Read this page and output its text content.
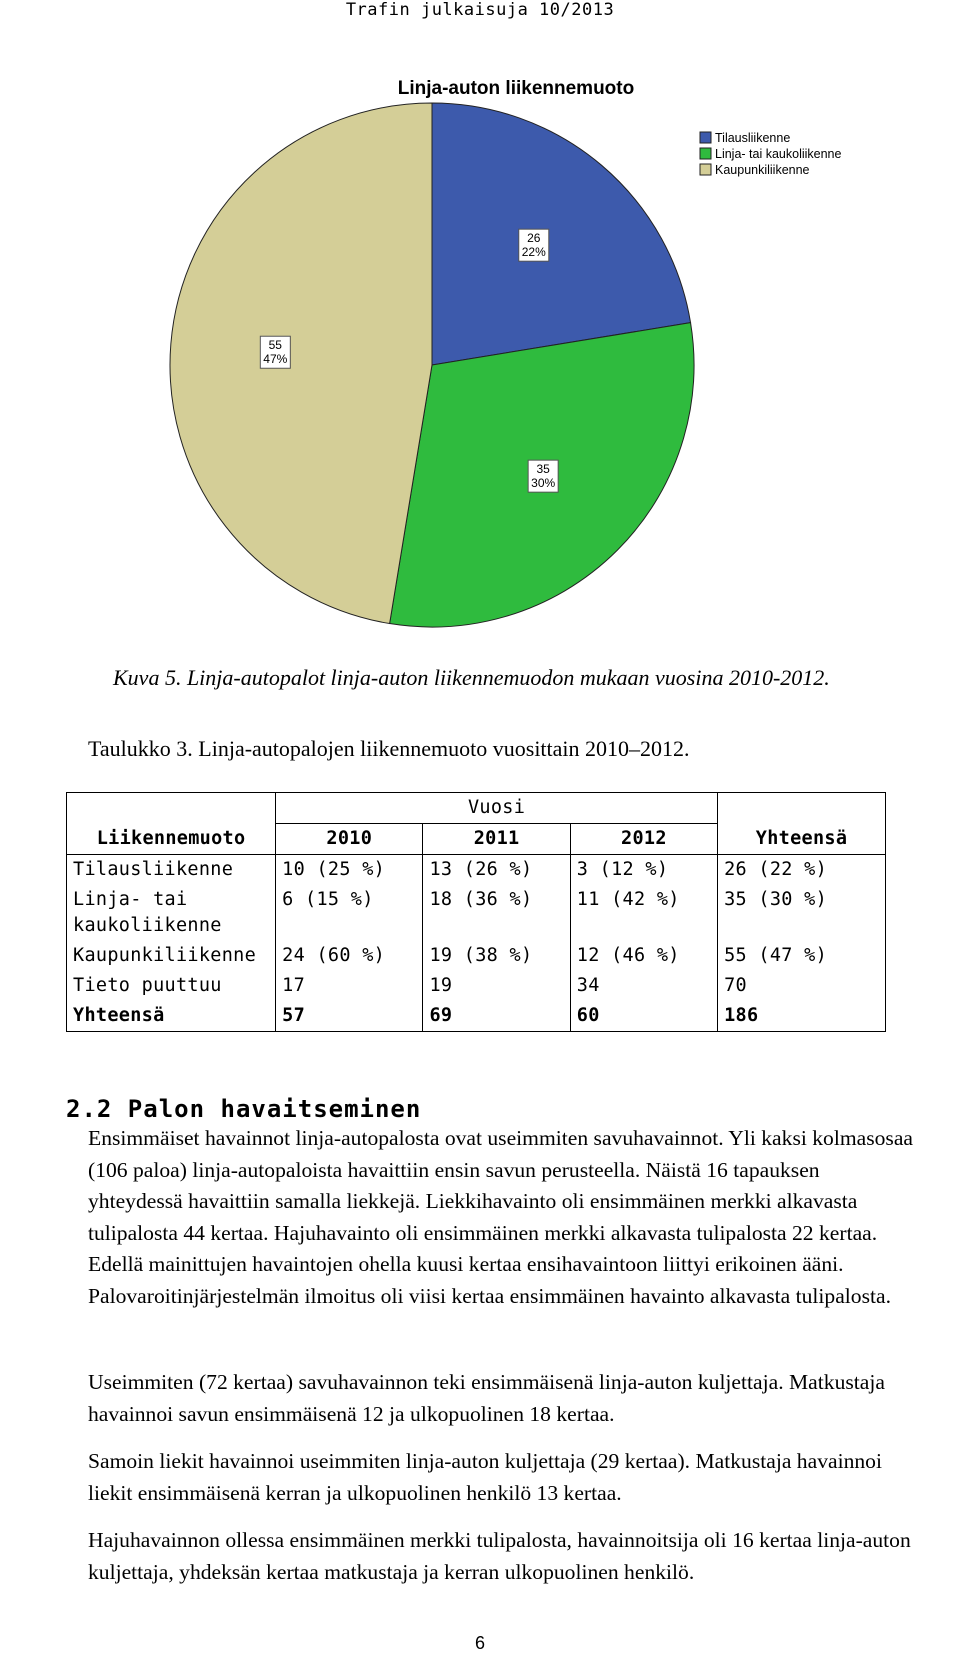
Trafin julkaisuja 10/2013
Linja-auton liikennemuoto
26
22%
35
30%
55
47%
Tilausliikenne
Linja- tai kaukoliikenne
Kaupunkiliikenne
Kuva 5. Linja-autopalot linja-auton liikennemuodon mukaan vuosina 2010-2012.
Taulukko 3. Linja-autopalojen liikennemuoto vuosittain 2010–2012.
	Vuosi			
Liikennemuoto	2010	2011	2012	Yhteensä
Tilausliikenne	10 (25 %)	13 (26 %)	3 (12 %)	26 (22 %)
Linja- tai kaukoliikenne	6 (15 %)	18 (36 %)	11 (42 %)	35 (30 %)
Kaupunkiliikenne	24 (60 %)	19 (38 %)	12 (46 %)	55 (47 %)
Tieto puuttuu	17	19	34	70
Yhteensä	57	69	60	186
2.2 Palon havaitseminen

Ensimmäiset havainnot linja-autopalosta ovat useimmiten savuhavainnot. Yli kaksi kolmasosaa (106 paloa) linja-autopaloista havaittiin ensin savun perusteella. Näistä 16 tapauksen yhteydessä havaittiin samalla liekkejä. Liekkihavainto oli ensimmäinen merkki alkavasta tulipalosta 44 kertaa. Hajuhavainto oli ensimmäinen merkki alkavasta tulipalosta 22 kertaa. Edellä mainittujen havaintojen ohella kuusi kertaa ensihavaintoon liittyi erikoinen ääni. Palovaroitinjärjestelmän ilmoitus oli viisi kertaa ensimmäinen havainto alkavasta tulipalosta.

Useimmiten (72 kertaa) savuhavainnon teki ensimmäisenä linja-auton kuljettaja. Matkustaja havainnoi savun ensimmäisenä 12 ja ulkopuolinen 18 kertaa.

Samoin liekit havainnoi useimmiten linja-auton kuljettaja (29 kertaa). Matkustaja havainnoi liekit ensimmäisenä kerran ja ulkopuolinen henkilö 13 kertaa.

Hajuhavainnon ollessa ensimmäinen merkki tulipalosta, havainnoitsija oli 16 kertaa linja-auton kuljettaja, yhdeksän kertaa matkustaja ja kerran ulkopuolinen henkilö.

6
